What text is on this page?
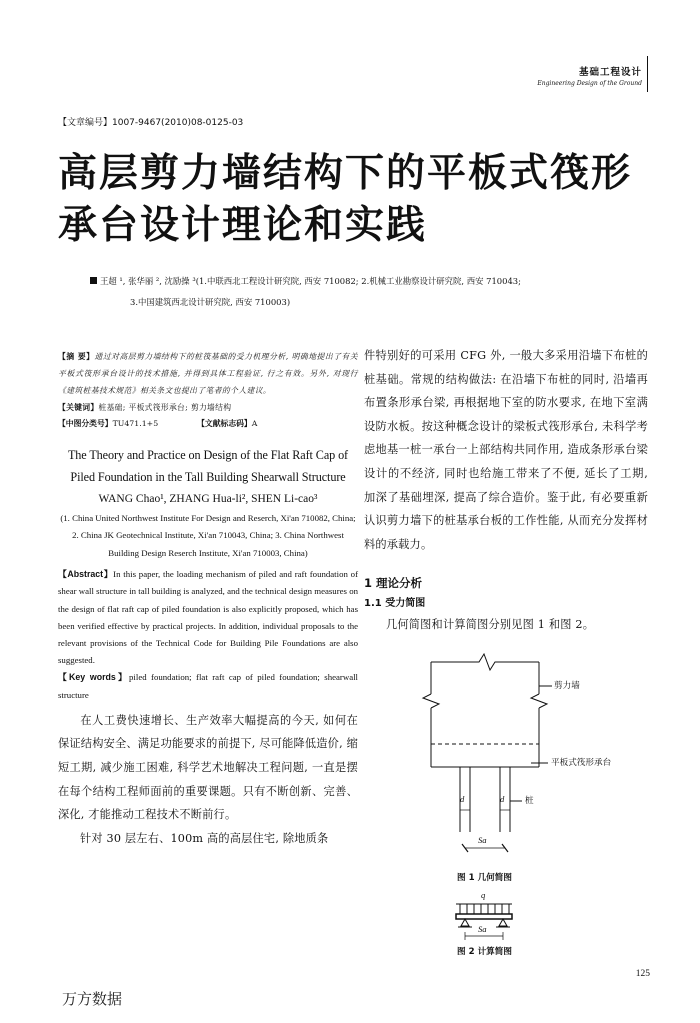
基础工程设计
Engineering Design of the Ground
【文章编号】1007-9467(2010)08-0125-03
高层剪力墙结构下的平板式筏形
承台设计理论和实践
王超 ¹, 张华丽 ², 沈励操 ³(1.中联西北工程设计研究院, 西安 710082; 2.机械工业勘察设计研究院, 西安 710043;
3.中国建筑西北设计研究院, 西安 710003)
【摘 要】通过对高层剪力墙结构下的桩筏基础的受力机理分析, 明确地提出了有关平板式筏形承台设计的技术措施, 并得到具体工程验证, 行之有效。另外, 对现行《建筑桩基技术规范》相关条文也提出了笔者的个人建议。
【关键词】桩基础; 平板式筏形承台; 剪力墙结构
【中图分类号】TU471.1+5	【文献标志码】A
The Theory and Practice on Design of the Flat Raft Cap of Piled Foundation in the Tall Building Shearwall Structure
WANG Chao¹, ZHANG Hua-li², SHEN Li-cao³
(1. China United Northwest Institute For Design and Reserch, Xi'an 710082, China; 2. China JK Geotechnical Institute, Xi'an 710043, China; 3. China Northwest Building Design Reserch Institute, Xi'an 710003, China)
【Abstract】In this paper, the loading mechanism of piled and raft foundation of shear wall structure in tall building is analyzed, and the technical design measures on the design of flat raft cap of piled foundation is also explicitly proposed, which has been verified effective by practical projects. In addition, individual proposals to the relevant provisions of the Technical Code for Building Pile Foundations are also suggested.
【Key words】piled foundation; flat raft cap of piled foundation; shearwall structure
在人工费快速增长、生产效率大幅提高的今天, 如何在保证结构安全、满足功能要求的前提下, 尽可能降低造价, 缩短工期, 减少施工困难, 科学艺术地解决工程问题, 一直是摆在每个结构工程师面前的重要课题。只有不断创新、完善、深化, 才能推动工程技术不断前行。
针对 30 层左右、100m 高的高层住宅, 除地质条
件特别好的可采用 CFG 外, 一般大多采用沿墙下布桩的桩基础。常规的结构做法: 在沿墙下布桩的同时, 沿墙再布置条形承台梁, 再根据地下室的防水要求, 在地下室满设防水板。按这种概念设计的梁板式筏形承台, 未科学考虑地基一桩一承台一上部结构共同作用, 造成条形承台梁设计的不经济, 同时也给施工带来了不便, 延长了工期, 加深了基础埋深, 提高了综合造价。鉴于此, 有必要重新认识剪力墙下的桩基承台板的工作性能, 从而充分发挥材料的承载力。
1 理论分析
1.1 受力简图
几何简图和计算简图分别见图 1 和图 2。
剪力墙
平板式筏形承台
桩
d	d
Sa
图 1 几何简图
q
Sa
图 2 计算简图
125
万方数据
